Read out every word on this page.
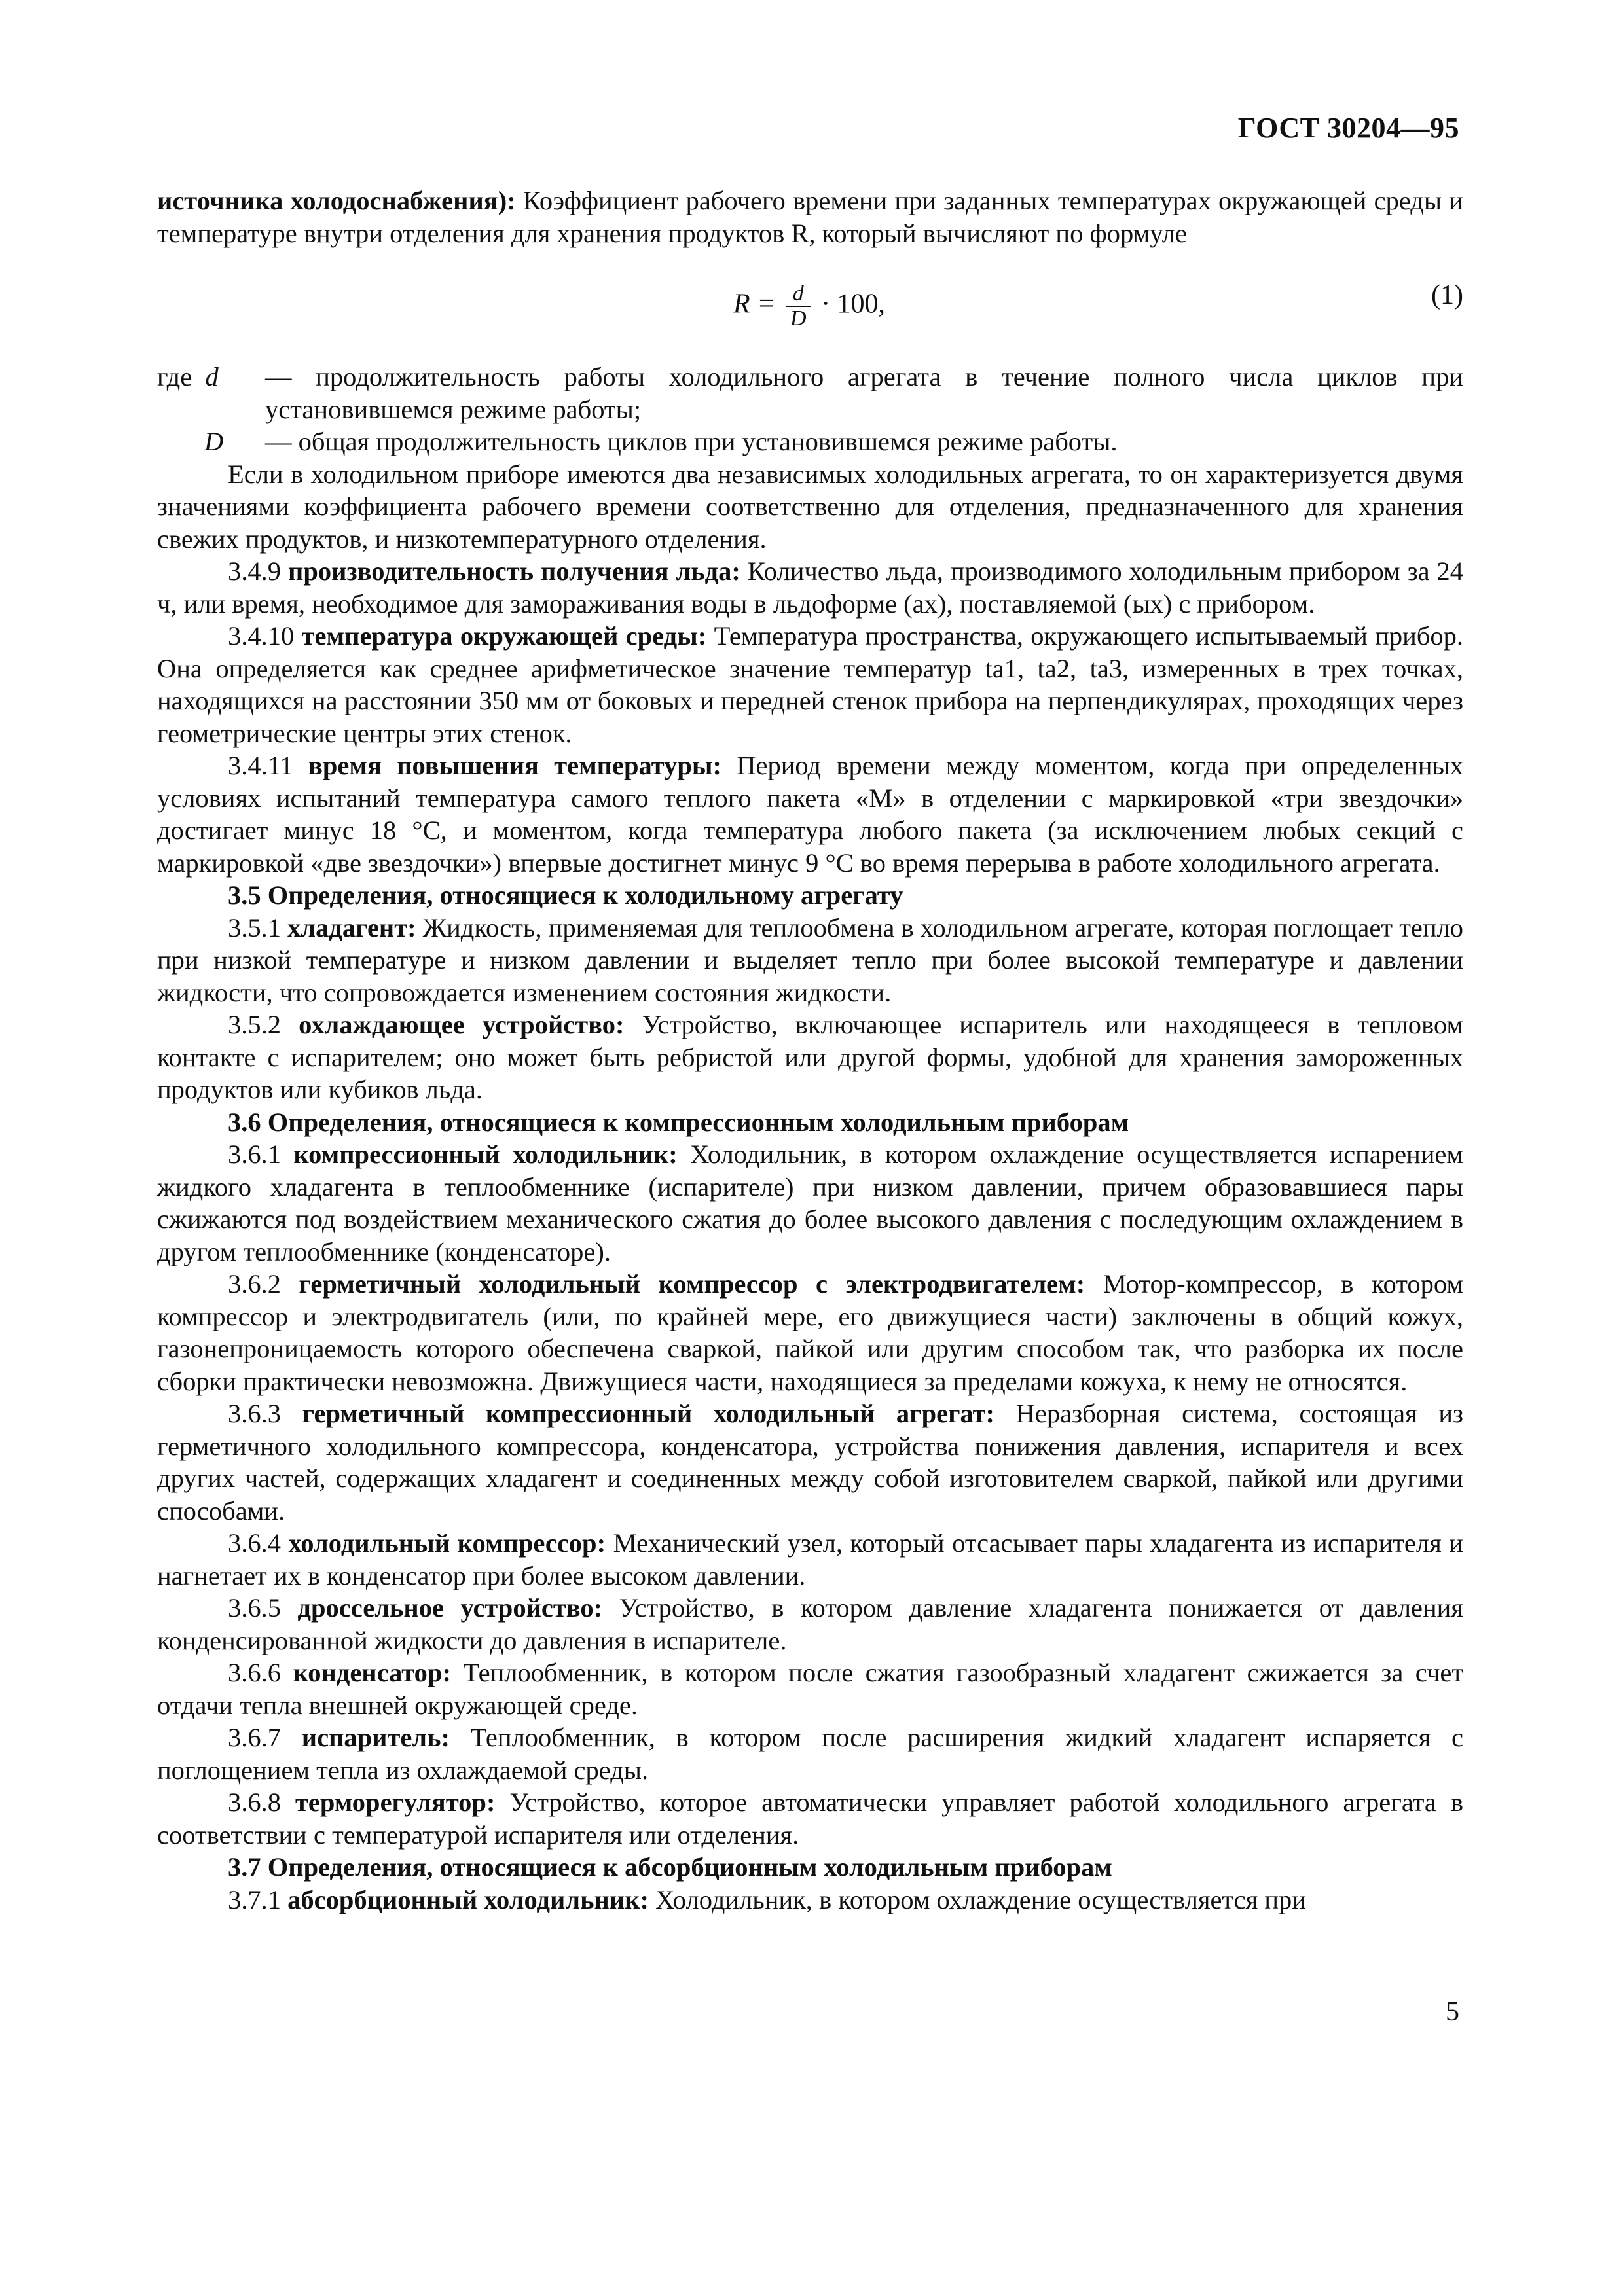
ГОСТ 30204—95

источника холодоснабжения): Коэффициент рабочего времени при заданных температурах окружающей среды и температуре внутри отделения для хранения продуктов R, который вычисляют по формуле

$R = \frac{d}{D} \cdot 100$,	(1)
где d — продолжительность работы холодильного агрегата в течение полного числа циклов при установившемся режиме работы;
D — общая продолжительность циклов при установившемся режиме работы.

Если в холодильном приборе имеются два независимых холодильных агрегата, то он характеризуется двумя значениями коэффициента рабочего времени соответственно для отделения, предназначенного для хранения свежих продуктов, и низкотемпературного отделения.

3.4.9 производительность получения льда: Количество льда, производимого холодильным прибором за 24 ч, или время, необходимое для замораживания воды в льдоформе (ах), поставляемой (ых) с прибором.

3.4.10 температура окружающей среды: Температура пространства, окружающего испытываемый прибор. Она определяется как среднее арифметическое значение температур ta1, ta2, ta3, измеренных в трех точках, находящихся на расстоянии 350 мм от боковых и передней стенок прибора на перпендикулярах, проходящих через геометрические центры этих стенок.

3.4.11 время повышения температуры: Период времени между моментом, когда при определенных условиях испытаний температура самого теплого пакета «М» в отделении с маркировкой «три звездочки» достигает минус 18 °С, и моментом, когда температура любого пакета (за исключением любых секций с маркировкой «две звездочки») впервые достигнет минус 9 °С во время перерыва в работе холодильного агрегата.

3.5 Определения, относящиеся к холодильному агрегату

3.5.1 хладагент: Жидкость, применяемая для теплообмена в холодильном агрегате, которая поглощает тепло при низкой температуре и низком давлении и выделяет тепло при более высокой температуре и давлении жидкости, что сопровождается изменением состояния жидкости.

3.5.2 охлаждающее устройство: Устройство, включающее испаритель или находящееся в тепловом контакте с испарителем; оно может быть ребристой или другой формы, удобной для хранения замороженных продуктов или кубиков льда.

3.6 Определения, относящиеся к компрессионным холодильным приборам

3.6.1 компрессионный холодильник: Холодильник, в котором охлаждение осуществляется испарением жидкого хладагента в теплообменнике (испарителе) при низком давлении, причем образовавшиеся пары сжижаются под воздействием механического сжатия до более высокого давления с последующим охлаждением в другом теплообменнике (конденсаторе).

3.6.2 герметичный холодильный компрессор с электродвигателем: Мотор-компрессор, в котором компрессор и электродвигатель (или, по крайней мере, его движущиеся части) заключены в общий кожух, газонепроницаемость которого обеспечена сваркой, пайкой или другим способом так, что разборка их после сборки практически невозможна. Движущиеся части, находящиеся за пределами кожуха, к нему не относятся.

3.6.3 герметичный компрессионный холодильный агрегат: Неразборная система, состоящая из герметичного холодильного компрессора, конденсатора, устройства понижения давления, испарителя и всех других частей, содержащих хладагент и соединенных между собой изготовителем сваркой, пайкой или другими способами.

3.6.4 холодильный компрессор: Механический узел, который отсасывает пары хладагента из испарителя и нагнетает их в конденсатор при более высоком давлении.

3.6.5 дроссельное устройство: Устройство, в котором давление хладагента понижается от давления конденсированной жидкости до давления в испарителе.

3.6.6 конденсатор: Теплообменник, в котором после сжатия газообразный хладагент сжижается за счет отдачи тепла внешней окружающей среде.

3.6.7 испаритель: Теплообменник, в котором после расширения жидкий хладагент испаряется с поглощением тепла из охлаждаемой среды.

3.6.8 терморегулятор: Устройство, которое автоматически управляет работой холодильного агрегата в соответствии с температурой испарителя или отделения.

3.7 Определения, относящиеся к абсорбционным холодильным приборам

3.7.1 абсорбционный холодильник: Холодильник, в котором охлаждение осуществляется при

5
